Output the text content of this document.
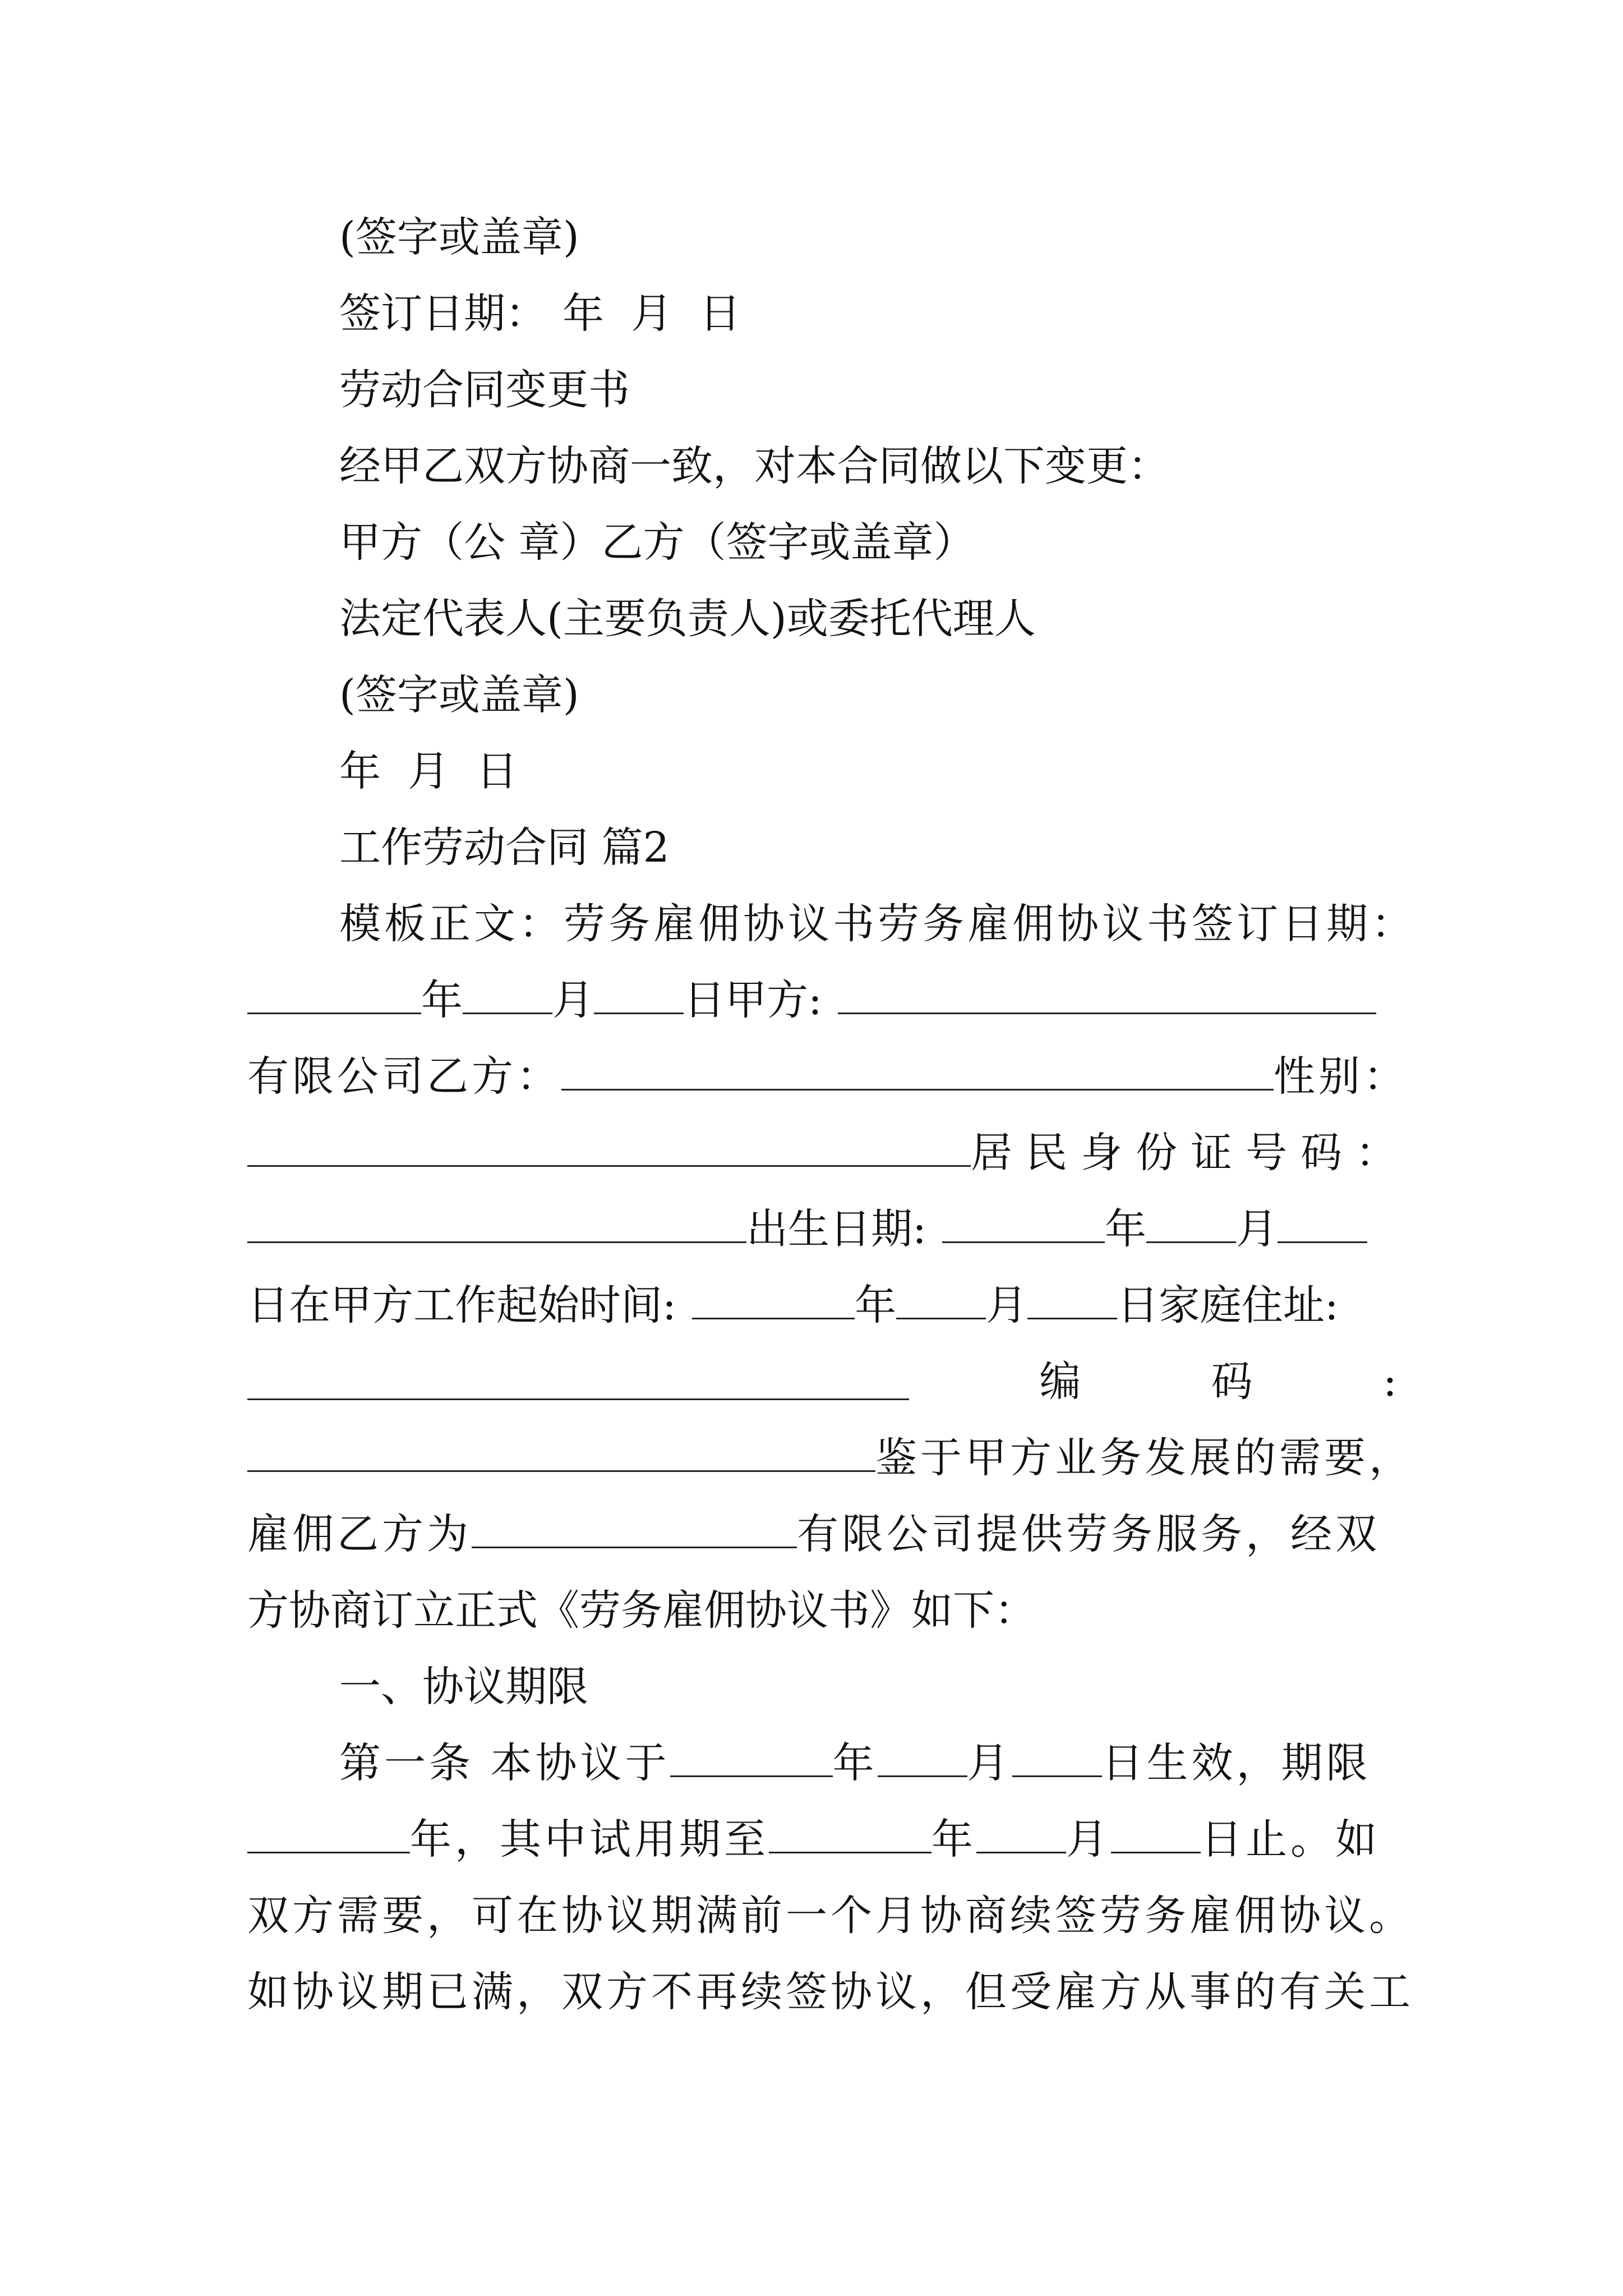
(签字或盖章)
签订日期： 年 月 日
劳动合同变更书
经甲乙双方协商一致，对本合同做以下变更：
甲方（公 章）乙方（签字或盖章）
法定代表人(主要负责人)或委托代理人
(签字或盖章)
年 月 日
工作劳动合同 篇2
模板正文：劳务雇佣协议书劳务雇佣协议书签订日期：
年 月 日甲方:
有限公司乙方：	性别：
居民身份证号码：
出生日期:	年 月
日在甲方工作起始时间:	年 月 日家庭住址:
编	码	:
鉴于甲方业务发展的需要，
雇佣乙方为	有限公司提供劳务服务，经双
方协商订立正式《劳务雇佣协议书》如下：
一、协议期限
第一条 本协议于	年 月 日生效，期限
年，其中试用期至	年 月 日止。如
双方需要，可在协议期满前一个月协商续签劳务雇佣协议。
如协议期已满，双方不再续签协议，但受雇方从事的有关工
